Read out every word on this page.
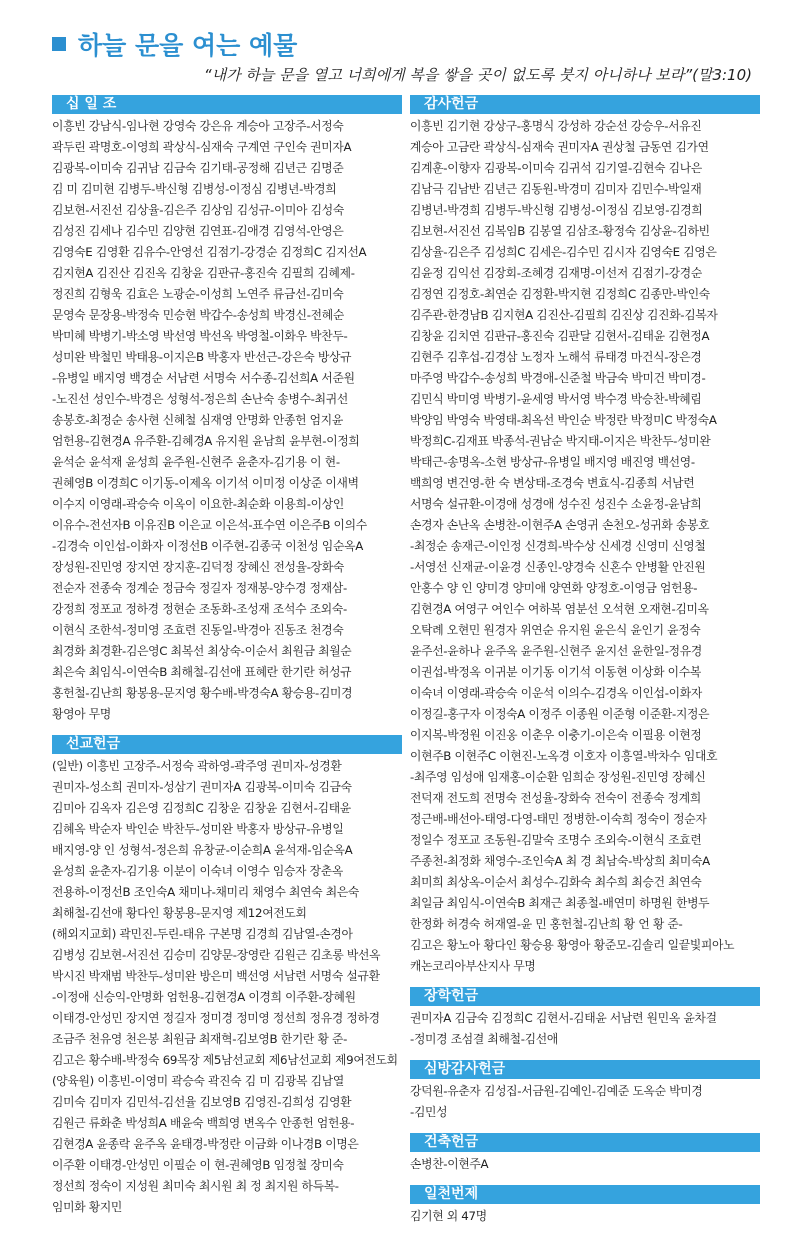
하늘 문을 여는 예물
“내가 하늘 문을 열고 너희에게 복을 쌓을 곳이 없도록 붓지 아니하나 보라”(말3:10)
십 일 조
이흥빈 강남식-임나현 강영숙 강은유 계승아 고장주-서정숙
곽두린 곽명호-이영희 곽상식-심재숙 구계연 구인숙 권미자A
김광복-이미숙 김귀남 김금숙 김기태-공정해 김년근 김명준
김 미 김미현 김병두-박신형 김병성-이정심 김병년-박경희
김보현-서진선 김상율-김은주 김상임 김성규-이미아 김성숙
김성진 김세나 김수민 김양현 김연표-김애경 김영석-안영은
김영숙E 김영환 김유수-안영선 김점기-강경순 김정희C 김지선A
김지현A 김진산 김진옥 김창윤 김판규-홍진숙 김필희 김혜제-
정진희 김형욱 김효은 노광순-이성희 노연주 류금선-김미숙
문영숙 문장용-박정숙 민승현 박갑수-송성희 박경신-전혜순
박미혜 박병기-박소영 박선영 박선옥 박영철-이화우 박찬두-
성미완 박철민 박태용-이지은B 박홍자 반선근-강은숙 방상규
-유병일 배지영 백경순 서남련 서명숙 서수종-김선희A 서준원
-노진선 성인수-박경은 성형석-정은희 손난숙 송병수-최귀선
송봉호-최정순 송사현 신혜철 심재영 안명화 안종헌 엄지윤
엄헌용-김현경A 유주환-김혜경A 유지원 윤남희 윤부현-이정희
윤석순 윤석재 윤성희 윤주원-신현주 윤춘자-김기용 이 현-
권혜영B 이경희C 이기동-이제옥 이기석 이미정 이상준 이새벽
이수지 이영래-곽승숙 이옥이 이요한-최순화 이용희-이상인
이유수-전선자B 이유진B 이은교 이은석-표수연 이은주B 이의수
-김경숙 이인섭-이화자 이정선B 이주현-김종국 이천성 임순옥A
장성원-진민영 장지연 장지훈-김덕정 장혜신 전성율-장화숙
전순자 전종숙 정계순 정금숙 정길자 정재봉-양수경 정재삼-
강정희 정포교 정하경 정현순 조동화-조성재 조석수 조외숙-
이현식 조한석-정미영 조효련 진동일-박경아 진동조 천경숙
최경화 최경환-김은영C 최복선 최상숙-이순서 최원금 최월순
최은숙 최임식-이연숙B 최해철-김선애 표혜란 한기란 허성규
홍헌철-김난희 황봉용-문지영 황수배-박경숙A 황승용-김미경
황영아 무명
선교헌금
(일반) 이흥빈 고장주-서정숙 곽하영-곽주영 권미자-성경환
권미자-성소희 권미자-성삼기 권미자A 김광복-이미숙 김금숙
김미아 김옥자 김은영 김정희C 김창운 김창윤 김현서-김태윤
김혜옥 박순자 박인순 박찬두-성미완 박홍자 방상규-유병일
배지영-양 인 성형석-정은희 유창균-이순희A 윤석재-임순옥A
윤성희 윤춘자-김기용 이분이 이숙녀 이영수 임승자 장춘옥
전용하-이정선B 조인숙A 채미나-채미리 채영수 최연숙 최은숙
최해철-김선애 황다인 황봉용-문지영 제12여전도회
(해외지교회) 곽민진-두린-태유 구본명 김경희 김남열-손경아
김병성 김보현-서진선 김승미 김양문-장영란 김원근 김초롱 박선옥
박시진 박재범 박찬두-성미완 방은미 백선영 서남련 서명숙 설규환
-이정애 신승익-안명화 엄헌용-김현경A 이경희 이주환-장혜원
이태경-안성민 장지연 정길자 정미경 정미영 정선희 정유경 정하경
조금주 천유영 천은봉 최원금 최재혁-김보영B 한기란 황 준-
김고은 황수배-박정숙 69목장 제5남선교회 제6남선교회 제9여전도회
(양육원) 이흥빈-이영미 곽승숙 곽진숙 김 미 김광복 김남열
김미숙 김미자 김민석-김선율 김보영B 김영진-김희성 김영환
김원근 류화춘 박성희A 배윤숙 백희영 변옥수 안종헌 엄헌용-
김현경A 윤종락 윤주옥 윤태경-박정란 이금화 이나경B 이명은
이주환 이태경-안성민 이필순 이 현-권혜영B 임정철 장미숙
정선희 정숙이 지성원 최미숙 최시원 최 정 최지원 하득복-
임미화 황지민
감사헌금
이흥빈 김기현 강상구-홍명식 강성하 강순선 강승우-서유진
계승아 고금란 곽상식-심재숙 권미자A 권상철 금동연 김가연
김계훈-이향자 김광복-이미숙 김귀석 김기열-김현숙 김나은
김남극 김남반 김년근 김동원-박경미 김미자 김민수-박일재
김병년-박경희 김병두-박신형 김병성-이정심 김보영-김경희
김보현-서진선 김복임B 김봉열 김삼조-황정숙 김상윤-김하빈
김상율-김은주 김성희C 김세은-김수민 김시자 김영숙E 김영은
김윤정 김익선 김장회-조혜경 김재명-이선저 김점기-강경순
김정연 김정호-최연순 김정환-박지현 김정희C 김종만-박인숙
김주관-한경남B 김지현A 김진산-김필희 김진상 김진화-김복자
김창윤 김치연 김판규-홍진숙 김판달 김현서-김태윤 김현정A
김현주 김후섭-김경삼 노정자 노해석 류태경 마건식-장은경
마주영 박갑수-송성희 박경애-신준철 박금숙 박미건 박미경-
김민식 박미영 박병기-윤세영 박서영 박수경 박승찬-박혜림
박양임 박영숙 박영태-최옥선 박인순 박정란 박정미C 박정숙A
박정희C-김재표 박종석-권남순 박지태-이지은 박찬두-성미완
박태근-송명옥-소현 방상규-유병일 배지영 배진영 백선영-
백희영 변건영-한 숙 변상태-조경숙 변효식-김종희 서남련
서명숙 설규환-이경애 성경애 성수진 성진수 소윤정-윤남희
손경자 손난옥 손병찬-이현주A 손영귀 손천오-성귀화 송봉호
-최정순 송재근-이인정 신경희-박수상 신세경 신영미 신영철
-서영선 신재균-이윤경 신종인-양경숙 신혼수 안병활 안진원
안홍수 양 인 양미경 양미애 양연화 양정호-이영금 엄헌용-
김현경A 여영구 여인수 여하복 염분선 오석현 오재현-김미옥
오탁례 오현민 원경자 위연순 유지원 윤은식 윤인기 윤정숙
윤주선-윤하나 윤주옥 윤주원-신현주 윤지선 윤한일-정유경
이권섭-박정옥 이귀분 이기동 이기석 이동현 이상화 이수복
이숙녀 이영래-곽승숙 이운석 이의수-김경옥 이인섭-이화자
이정길-홍구자 이정숙A 이정주 이종원 이준형 이준환-지정은
이지복-박정원 이진옹 이춘우 이충기-이은숙 이필용 이현정
이현주B 이현주C 이현진-노옥경 이호자 이흥열-박차수 임대호
-최주영 임성애 임재홍-이순환 임희순 장성원-진민영 장혜신
전덕재 전도희 전명숙 전성율-장화숙 전숙이 전종숙 정계희
정근배-배선아-태영-다영-태민 정병한-이숙희 정숙이 정순자
정일수 정포교 조동원-김말숙 조명수 조외숙-이현식 조효련
주종천-최정화 채영수-조인숙A 최 경 최남숙-박상희 최미숙A
최미희 최상옥-이순서 최성수-김화숙 최수희 최승건 최연숙
최일금 최임식-이연숙B 최재근 최종철-배연미 하명원 한병두
한정화 허경숙 허재열-윤 민 홍헌철-김난희 황 언 황 준-
김고은 황노아 황다인 황승용 황영아 황준모-김솔리 일끝빛피아노
캐논코리아부산지사 무명
장학헌금
권미자A 김금숙 김정희C 김현서-김태윤 서남련 원민옥 윤차걸
-정미경 조섬결 최해철-김선애
심방감사헌금
강덕원-유춘자 김성집-서금원-김예인-김예준 도옥순 박미경
-김민성
건축헌금
손병찬-이현주A
일천번제
김기현 외 47명
